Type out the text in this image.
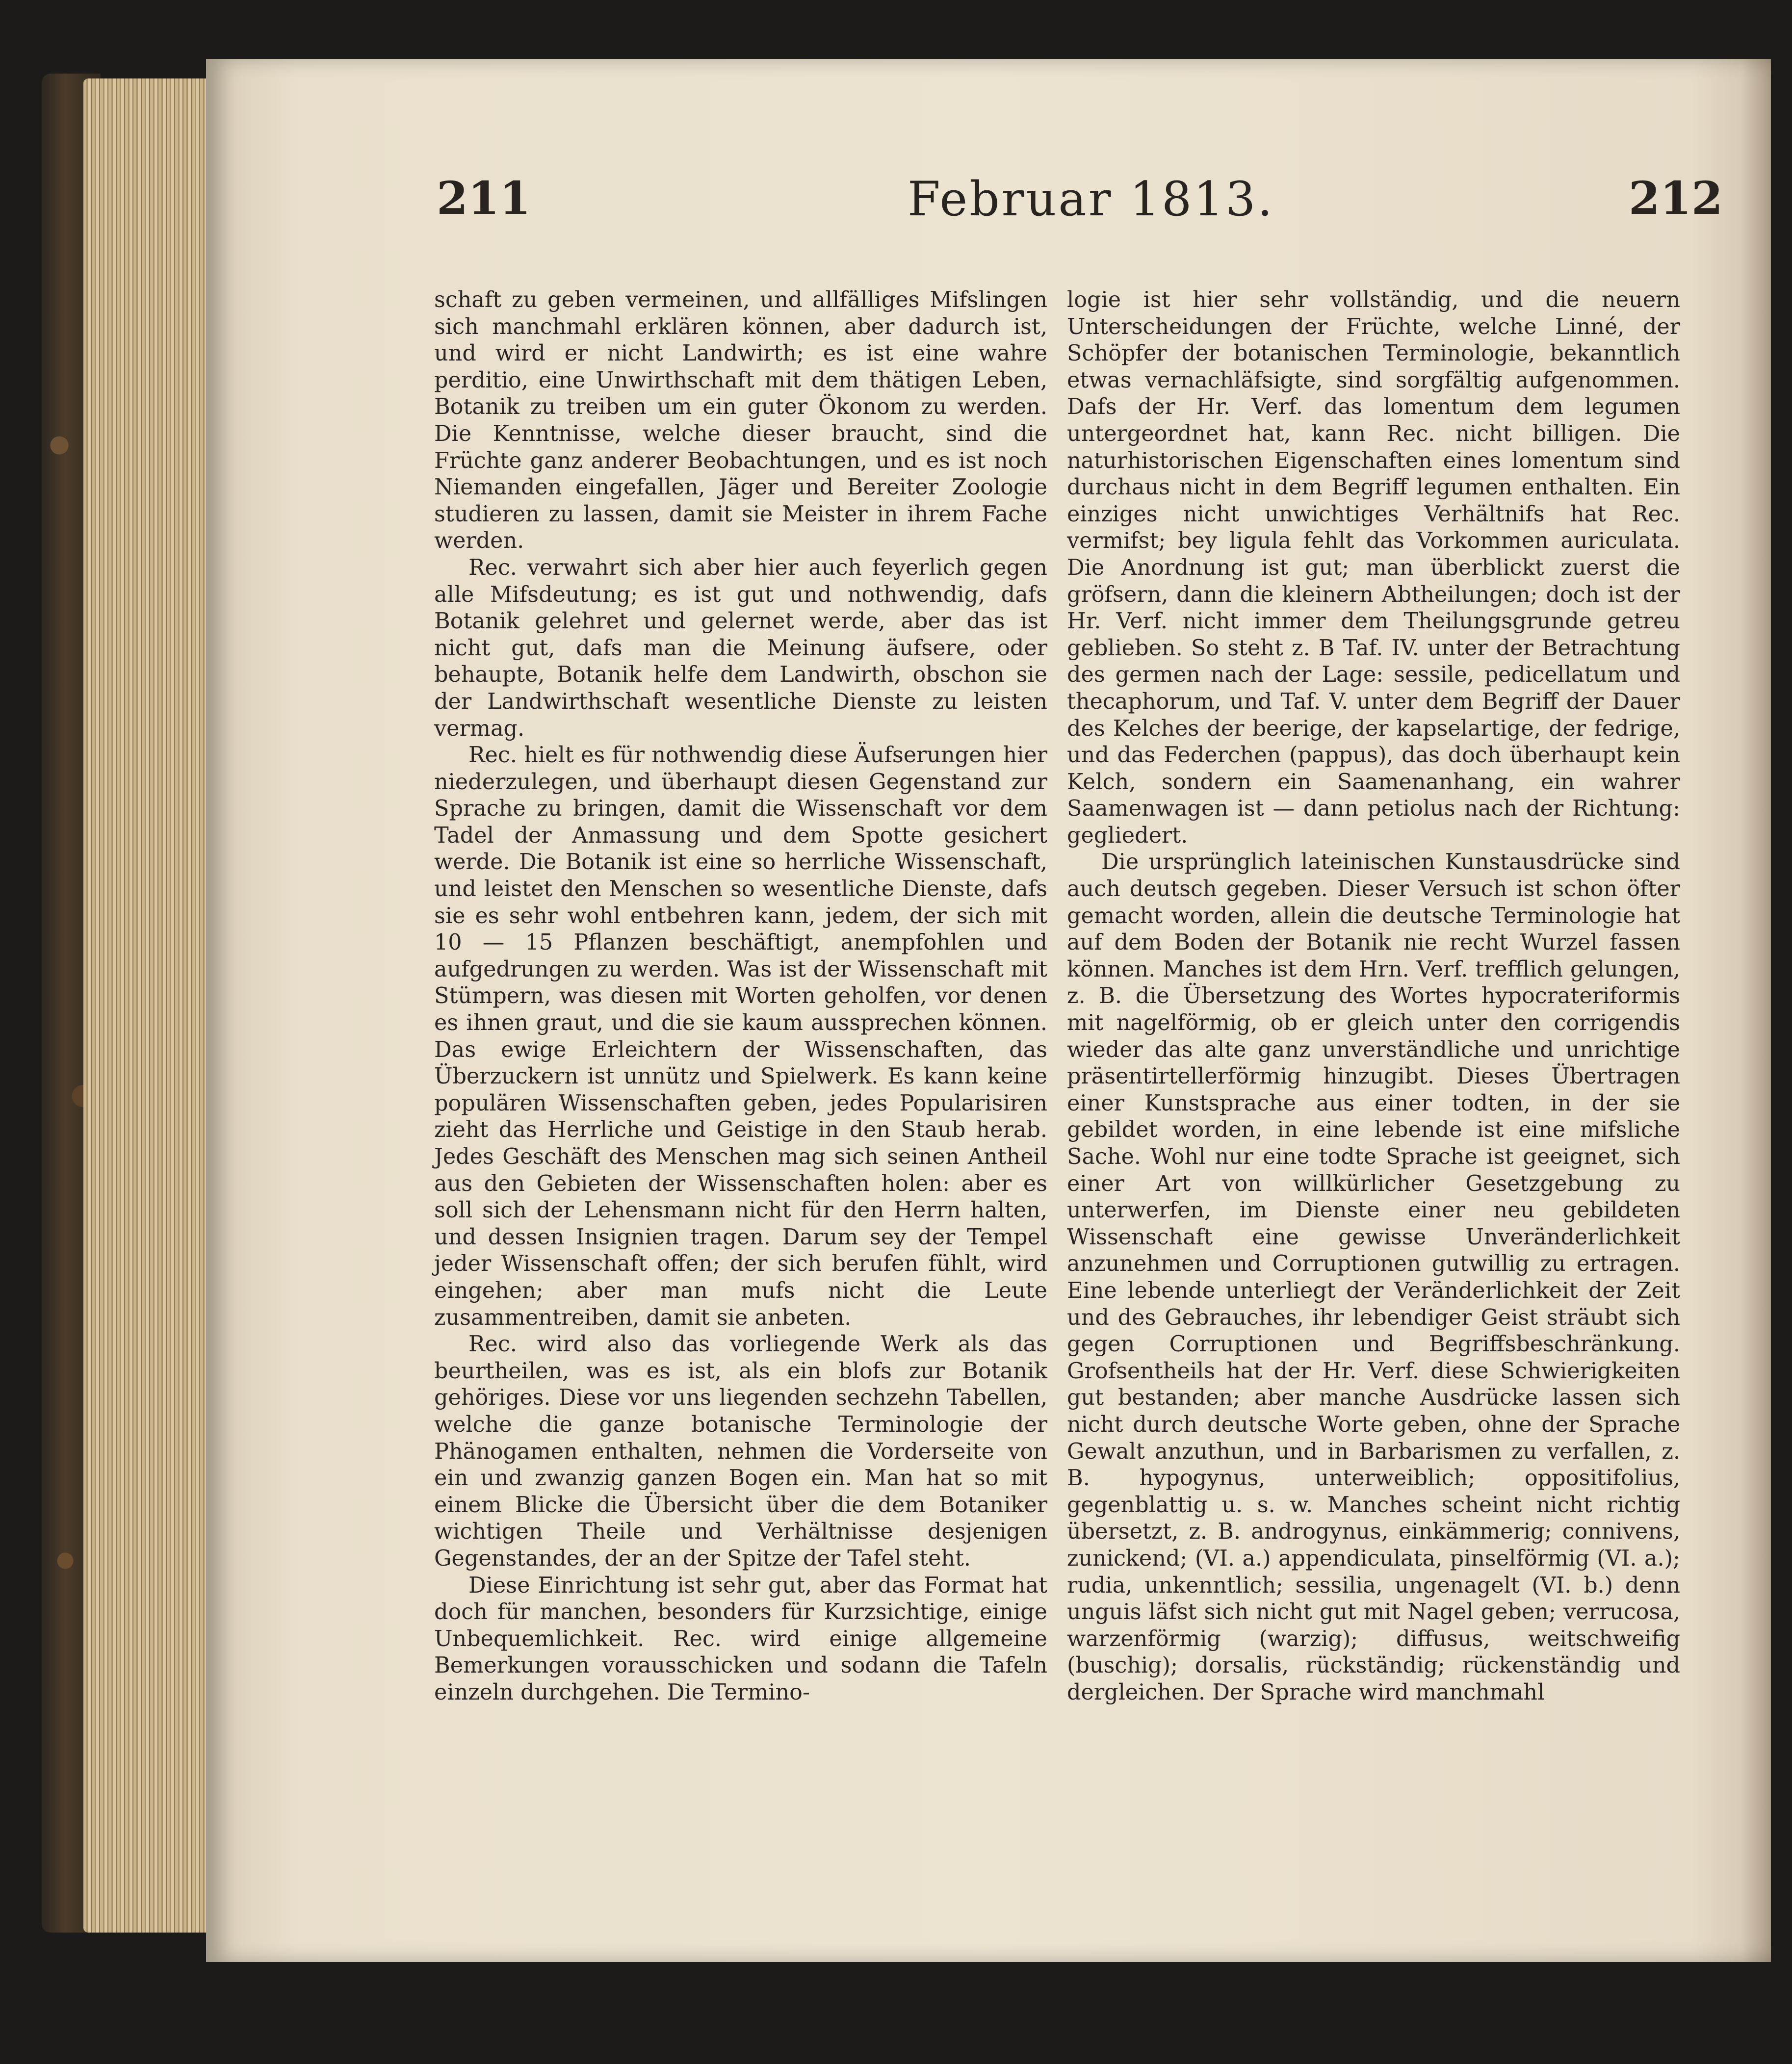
211	Februar 1813.	212

schaft zu geben vermeinen, und allfälliges Mifslingen sich manchmahl erklären können, aber dadurch ist, und wird er nicht Landwirth; es ist eine wahre perditio, eine Unwirthschaft mit dem thätigen Leben, Botanik zu treiben um ein guter Ökonom zu werden. Die Kenntnisse, welche dieser braucht, sind die Früchte ganz anderer Beobachtungen, und es ist noch Niemanden eingefallen, Jäger und Bereiter Zoologie studieren zu lassen, damit sie Meister in ihrem Fache werden.

Rec. verwahrt sich aber hier auch feyerlich gegen alle Mifsdeutung; es ist gut und nothwendig, dafs Botanik gelehret und gelernet werde, aber das ist nicht gut, dafs man die Meinung äufsere, oder behaupte, Botanik helfe dem Landwirth, obschon sie der Landwirthschaft wesentliche Dienste zu leisten vermag.

Rec. hielt es für nothwendig diese Äufserungen hier niederzulegen, und überhaupt diesen Gegenstand zur Sprache zu bringen, damit die Wissenschaft vor dem Tadel der Anmassung und dem Spotte gesichert werde. Die Botanik ist eine so herrliche Wissenschaft, und leistet den Menschen so wesentliche Dienste, dafs sie es sehr wohl entbehren kann, jedem, der sich mit 10 — 15 Pflanzen beschäftigt, anempfohlen und aufgedrungen zu werden. Was ist der Wissenschaft mit Stümpern, was diesen mit Worten geholfen, vor denen es ihnen graut, und die sie kaum aussprechen können. Das ewige Erleichtern der Wissenschaften, das Überzuckern ist unnütz und Spielwerk. Es kann keine populären Wissenschaften geben, jedes Popularisiren zieht das Herrliche und Geistige in den Staub herab. Jedes Geschäft des Menschen mag sich seinen Antheil aus den Gebieten der Wissenschaften holen: aber es soll sich der Lehensmann nicht für den Herrn halten, und dessen Insignien tragen. Darum sey der Tempel jeder Wissenschaft offen; der sich berufen fühlt, wird eingehen; aber man mufs nicht die Leute zusammentreiben, damit sie anbeten.

Rec. wird also das vorliegende Werk als das beurtheilen, was es ist, als ein blofs zur Botanik gehöriges. Diese vor uns liegenden sechzehn Tabellen, welche die ganze botanische Terminologie der Phänogamen enthalten, nehmen die Vorderseite von ein und zwanzig ganzen Bogen ein. Man hat so mit einem Blicke die Übersicht über die dem Botaniker wichtigen Theile und Verhältnisse desjenigen Gegenstandes, der an der Spitze der Tafel steht.

Diese Einrichtung ist sehr gut, aber das Format hat doch für manchen, besonders für Kurzsichtige, einige Unbequemlichkeit. Rec. wird einige allgemeine Bemerkungen vorausschicken und sodann die Tafeln einzeln durchgehen. Die Termino-

logie ist hier sehr vollständig, und die neuern Unterscheidungen der Früchte, welche Linné, der Schöpfer der botanischen Terminologie, bekanntlich etwas vernachläfsigte, sind sorgfältig aufgenommen. Dafs der Hr. Verf. das lomentum dem legumen untergeordnet hat, kann Rec. nicht billigen. Die naturhistorischen Eigenschaften eines lomentum sind durchaus nicht in dem Begriff legumen enthalten. Ein einziges nicht unwichtiges Verhältnifs hat Rec. vermifst; bey ligula fehlt das Vorkommen auriculata. Die Anordnung ist gut; man überblickt zuerst die gröfsern, dann die kleinern Abtheilungen; doch ist der Hr. Verf. nicht immer dem Theilungsgrunde getreu geblieben. So steht z. B Taf. IV. unter der Betrachtung des germen nach der Lage: sessile, pedicellatum und thecaphorum, und Taf. V. unter dem Begriff der Dauer des Kelches der beerige, der kapselartige, der fedrige, und das Federchen (pappus), das doch überhaupt kein Kelch, sondern ein Saamenanhang, ein wahrer Saamenwagen ist — dann petiolus nach der Richtung: gegliedert.

Die ursprünglich lateinischen Kunstausdrücke sind auch deutsch gegeben. Dieser Versuch ist schon öfter gemacht worden, allein die deutsche Terminologie hat auf dem Boden der Botanik nie recht Wurzel fassen können. Manches ist dem Hrn. Verf. trefflich gelungen, z. B. die Übersetzung des Wortes hypocrateriformis mit nagelförmig, ob er gleich unter den corrigendis wieder das alte ganz unverständliche und unrichtige präsentirtellerförmig hinzugibt. Dieses Übertragen einer Kunstsprache aus einer todten, in der sie gebildet worden, in eine lebende ist eine mifsliche Sache. Wohl nur eine todte Sprache ist geeignet, sich einer Art von willkürlicher Gesetzgebung zu unterwerfen, im Dienste einer neu gebildeten Wissenschaft eine gewisse Unveränderlichkeit anzunehmen und Corruptionen gutwillig zu ertragen. Eine lebende unterliegt der Veränderlichkeit der Zeit und des Gebrauches, ihr lebendiger Geist sträubt sich gegen Corruptionen und Begriffsbeschränkung. Grofsentheils hat der Hr. Verf. diese Schwierigkeiten gut bestanden; aber manche Ausdrücke lassen sich nicht durch deutsche Worte geben, ohne der Sprache Gewalt anzuthun, und in Barbarismen zu verfallen, z. B. hypogynus, unterweiblich; oppositifolius, gegenblattig u. s. w. Manches scheint nicht richtig übersetzt, z. B. androgynus, einkämmerig; connivens, zunickend; (VI. a.) appendiculata, pinselförmig (VI. a.); rudia, unkenntlich; sessilia, ungenagelt (VI. b.) denn unguis läfst sich nicht gut mit Nagel geben; verrucosa, warzenförmig (warzig); diffusus, weitschweifig (buschig); dorsalis, rückständig; rückenständig und dergleichen. Der Sprache wird manchmahl
